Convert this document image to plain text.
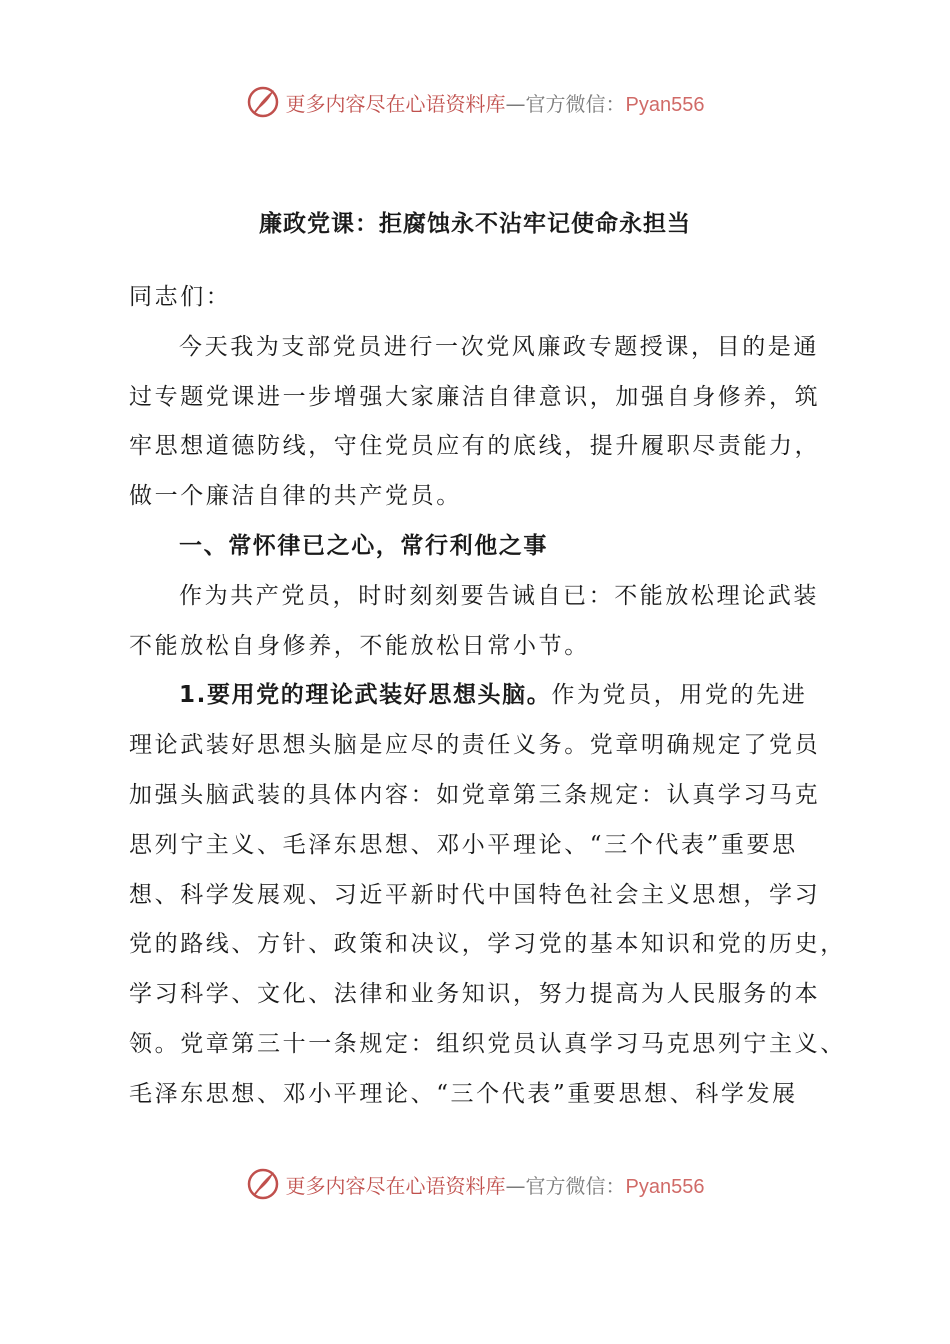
更多内容尽在心语资料库—官方微信：Pyan556
廉政党课：拒腐蚀永不沾牢记使命永担当
同志们：
今天我为支部党员进行一次党风廉政专题授课，目的是通
过专题党课进一步增强大家廉洁自律意识，加强自身修养，筑
牢思想道德防线，守住党员应有的底线，提升履职尽责能力，
做一个廉洁自律的共产党员。
一、常怀律已之心，常行利他之事
作为共产党员，时时刻刻要告诫自已：不能放松理论武装
不能放松自身修养，不能放松日常小节。
1.要用党的理论武装好思想头脑。作为党员，用党的先进
理论武装好思想头脑是应尽的责任义务。党章明确规定了党员
加强头脑武装的具体内容：如党章第三条规定：认真学习马克
思列宁主义、毛泽东思想、邓小平理论、“三个代表”重要思
想、科学发展观、习近平新时代中国特色社会主义思想，学习
党的路线、方针、政策和决议，学习党的基本知识和党的历史，
学习科学、文化、法律和业务知识，努力提高为人民服务的本
领。党章第三十一条规定：组织党员认真学习马克思列宁主义、
毛泽东思想、邓小平理论、“三个代表”重要思想、科学发展
更多内容尽在心语资料库—官方微信：Pyan556
